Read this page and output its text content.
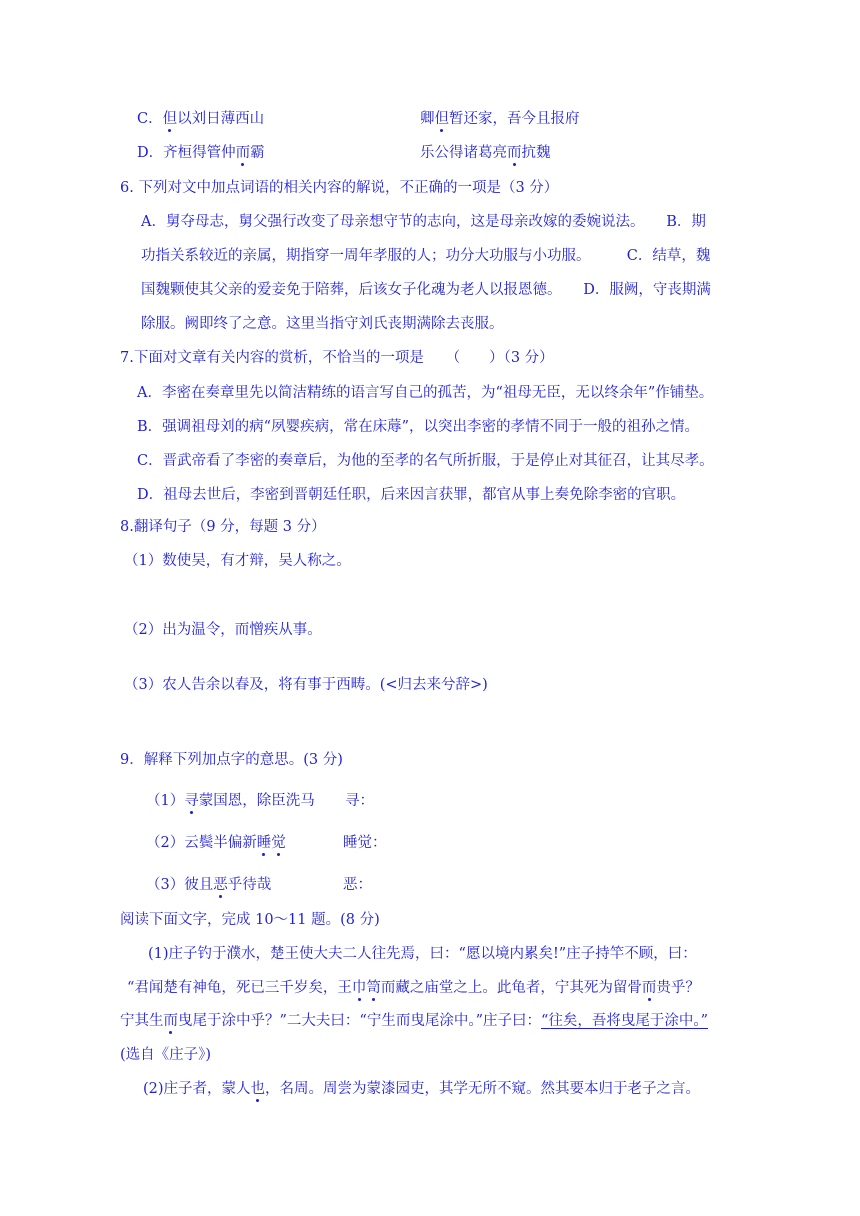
C．但以刘日薄西山	卿但暂还家，吾今且报府
D．齐桓得管仲而霸	乐公得诸葛亮而抗魏
6. 下列对文中加点词语的相关内容的解说，不正确的一项是（3 分）
A．舅夺母志，舅父强行改变了母亲想守节的志向，这是母亲改嫁的委婉说法。　　B．期
功指关系较近的亲属，期指穿一周年孝服的人；功分大功服与小功服。　　　C．结草，魏
国魏颗使其父亲的爱妾免于陪葬，后该女子化魂为老人以报恩德。　　D．服阙，守丧期满
除服。阙即终了之意。这里当指守刘氏丧期满除去丧服。
7.下面对文章有关内容的赏析，不恰当的一项是　　（　　）（3 分）
A．李密在奏章里先以简洁精练的语言写自己的孤苦，为“祖母无臣，无以终余年”作铺垫。
B．强调祖母刘的病“夙婴疾病，常在床蓐”，以突出李密的孝情不同于一般的祖孙之情。
C．晋武帝看了李密的奏章后，为他的至孝的名气所折服，于是停止对其征召，让其尽孝。
D．祖母去世后，李密到晋朝廷任职，后来因言获罪，都官从事上奏免除李密的官职。
8.翻译句子（9 分，每题 3 分）
（1）数使吴，有才辩，吴人称之。
（2）出为温令，而憎疾从事。
（3）农人告余以春及，将有事于西畴。(<归去来兮辞>)
9．解释下列加点字的意思。(3 分)
（1）寻蒙国恩，除臣洗马 寻：
（2）云鬓半偏新睡觉	睡觉：
（3）彼且恶乎待哉	恶：
阅读下面文字，完成 10～11 题。(8 分)
(1)庄子钓于濮水，楚王使大夫二人往先焉，曰：“愿以境内累矣!”庄子持竿不顾，曰：
“君闻楚有神龟，死已三千岁矣，王巾笥而藏之庙堂之上。此龟者，宁其死为留骨而贵乎？
宁其生而曳尾于涂中乎？”二大夫曰：“宁生而曳尾涂中。”庄子曰：“往矣，吾将曳尾于涂中。”
(选自《庄子》)
(2)庄子者，蒙人也，名周。周尝为蒙漆园吏，其学无所不窥。然其要本归于老子之言。
